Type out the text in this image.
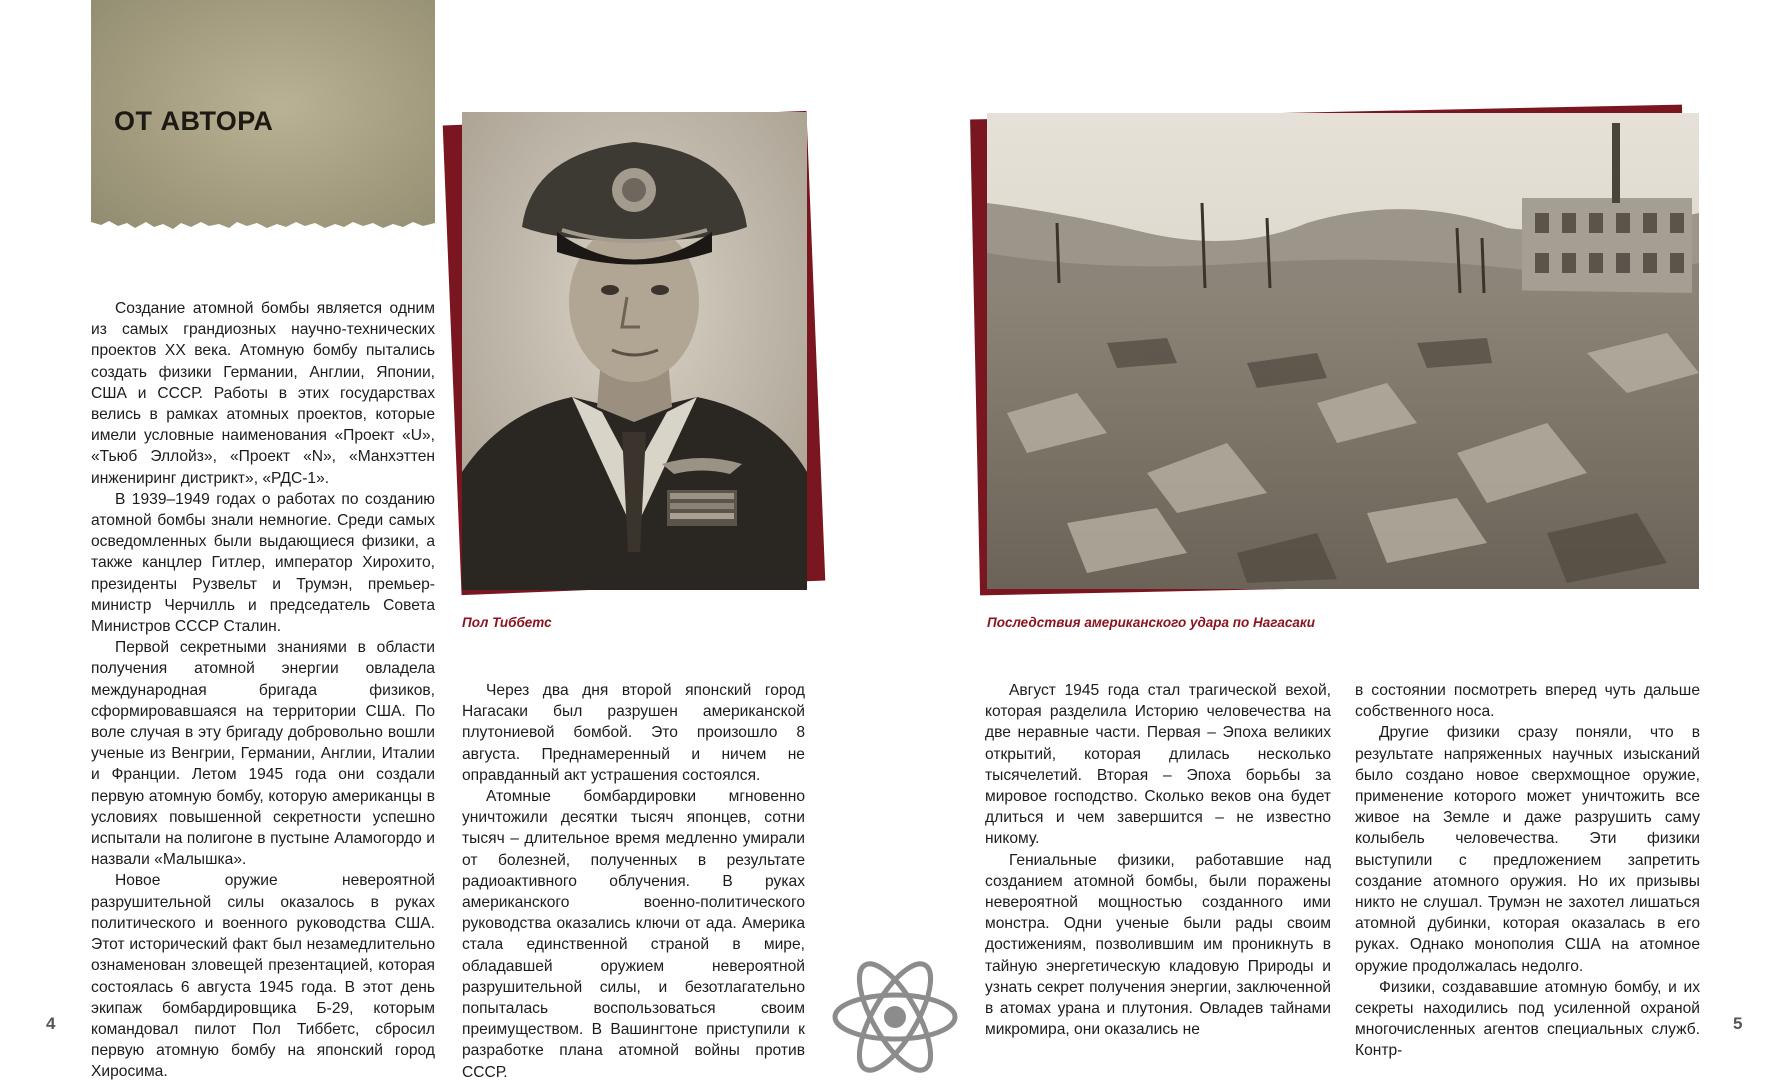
ОТ АВТОРА

Создание атомной бомбы является одним из самых грандиозных научно-технических проектов XX века. Атомную бомбу пытались создать физики Германии, Англии, Японии, США и СССР. Работы в этих государствах велись в рамках атомных проектов, которые имели условные наименования «Проект «U», «Тьюб Эллойз», «Проект «N», «Манхэттен инжениринг дистрикт», «РДС-1».

В 1939–1949 годах о работах по созданию атомной бомбы знали немногие. Среди самых осведомленных были выдающиеся физики, а также канцлер Гитлер, император Хирохито, президенты Рузвельт и Трумэн, премьер-министр Черчилль и председатель Совета Министров СССР Сталин.

Первой секретными знаниями в области получения атомной энергии овладела международная бригада физиков, сформировавшаяся на территории США. По воле случая в эту бригаду добровольно вошли ученые из Венгрии, Германии, Англии, Италии и Франции. Летом 1945 года они создали первую атомную бомбу, которую американцы в условиях повышенной секретности успешно испытали на полигоне в пустыне Аламогордо и назвали «Малышка».

Новое оружие невероятной разрушительной силы оказалось в руках политического и военного руководства США. Этот исторический факт был незамедлительно ознаменован зловещей презентацией, которая состоялась 6 августа 1945 года. В этот день экипаж бомбардировщика Б-29, которым командовал пилот Пол Тиббетс, сбросил первую атомную бомбу на японский город Хиросима.

Пол Тиббетс

Через два дня второй японский город Нагасаки был разрушен американской плутониевой бомбой. Это произошло 8 августа. Преднамеренный и ничем не оправданный акт устрашения состоялся.

Атомные бомбардировки мгновенно уничтожили десятки тысяч японцев, сотни тысяч – длительное время медленно умирали от болезней, полученных в результате радиоактивного облучения. В руках американского военно-политического руководства оказались ключи от ада. Америка стала единственной страной в мире, обладавшей оружием невероятной разрушительной силы, и безотлагательно попыталась воспользоваться своим преимуществом. В Вашингтоне приступили к разработке плана атомной войны против СССР.

Последствия американского удара по Нагасаки

Август 1945 года стал трагической вехой, которая разделила Историю человечества на две неравные части. Первая – Эпоха великих открытий, которая длилась несколько тысячелетий. Вторая – Эпоха борьбы за мировое господство. Сколько веков она будет длиться и чем завершится – не известно никому.

Гениальные физики, работавшие над созданием атомной бомбы, были поражены невероятной мощностью созданного ими монстра. Одни ученые были рады своим достижениям, позволившим им проникнуть в тайную энергетическую кладовую Природы и узнать секрет получения энергии, заключенной в атомах урана и плутония. Овладев тайнами микромира, они оказались не

в состоянии посмотреть вперед чуть дальше собственного носа.

Другие физики сразу поняли, что в результате напряженных научных изысканий было создано новое сверхмощное оружие, применение которого может уничтожить все живое на Земле и даже разрушить саму колыбель человечества. Эти физики выступили с предложением запретить создание атомного оружия. Но их призывы никто не слушал. Трумэн не захотел лишаться атомной дубинки, которая оказалась в его руках. Однако монополия США на атомное оружие продолжалась недолго.

Физики, создававшие атомную бомбу, и их секреты находились под усиленной охраной многочисленных агентов специальных служб. Контр-

4	5
